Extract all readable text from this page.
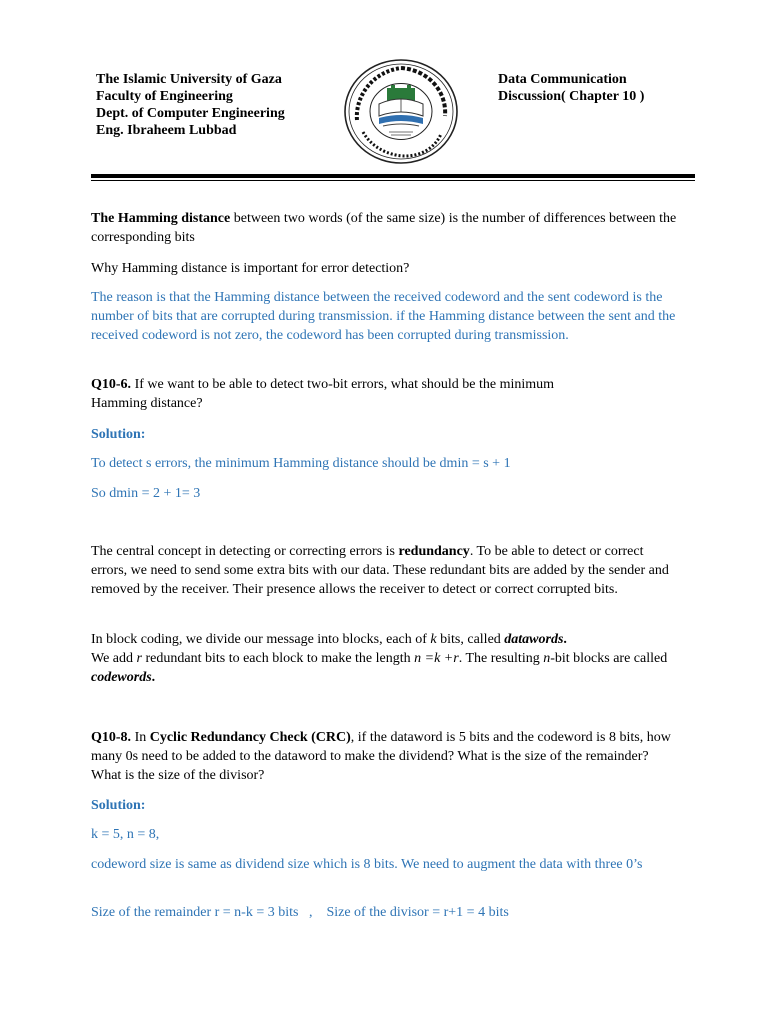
The Islamic University of Gaza
Faculty of Engineering
Dept. of Computer Engineering
Eng. Ibraheem Lubbad
Data Communication
Discussion( Chapter 10 )
The Hamming distance between two words (of the same size) is the number of differences between the corresponding bits
Why Hamming distance is important for error detection?
The reason is that the Hamming distance between the received codeword and the sent codeword is the number of bits that are corrupted during transmission. if the Hamming distance between the sent and the received codeword is not zero, the codeword has been corrupted during transmission.
Q10-6. If we want to be able to detect two-bit errors, what should be the minimum Hamming distance?
Solution:
To detect s errors, the minimum Hamming distance should be dmin = s + 1
So dmin = 2 + 1= 3
The central concept in detecting or correcting errors is redundancy. To be able to detect or correct errors, we need to send some extra bits with our data. These redundant bits are added by the sender and removed by the receiver. Their presence allows the receiver to detect or correct corrupted bits.
In block coding, we divide our message into blocks, each of k bits, called datawords.
We add r redundant bits to each block to make the length n =k +r. The resulting n-bit blocks are called codewords.
Q10-8. In Cyclic Redundancy Check (CRC), if the dataword is 5 bits and the codeword is 8 bits, how many 0s need to be added to the dataword to make the dividend? What is the size of the remainder? What is the size of the divisor?
Solution:
k = 5, n = 8,
codeword size is same as dividend size which is 8 bits. We need to augment the data with three 0’s
Size of the remainder r = n-k = 3 bits   ,    Size of the divisor = r+1 = 4 bits
